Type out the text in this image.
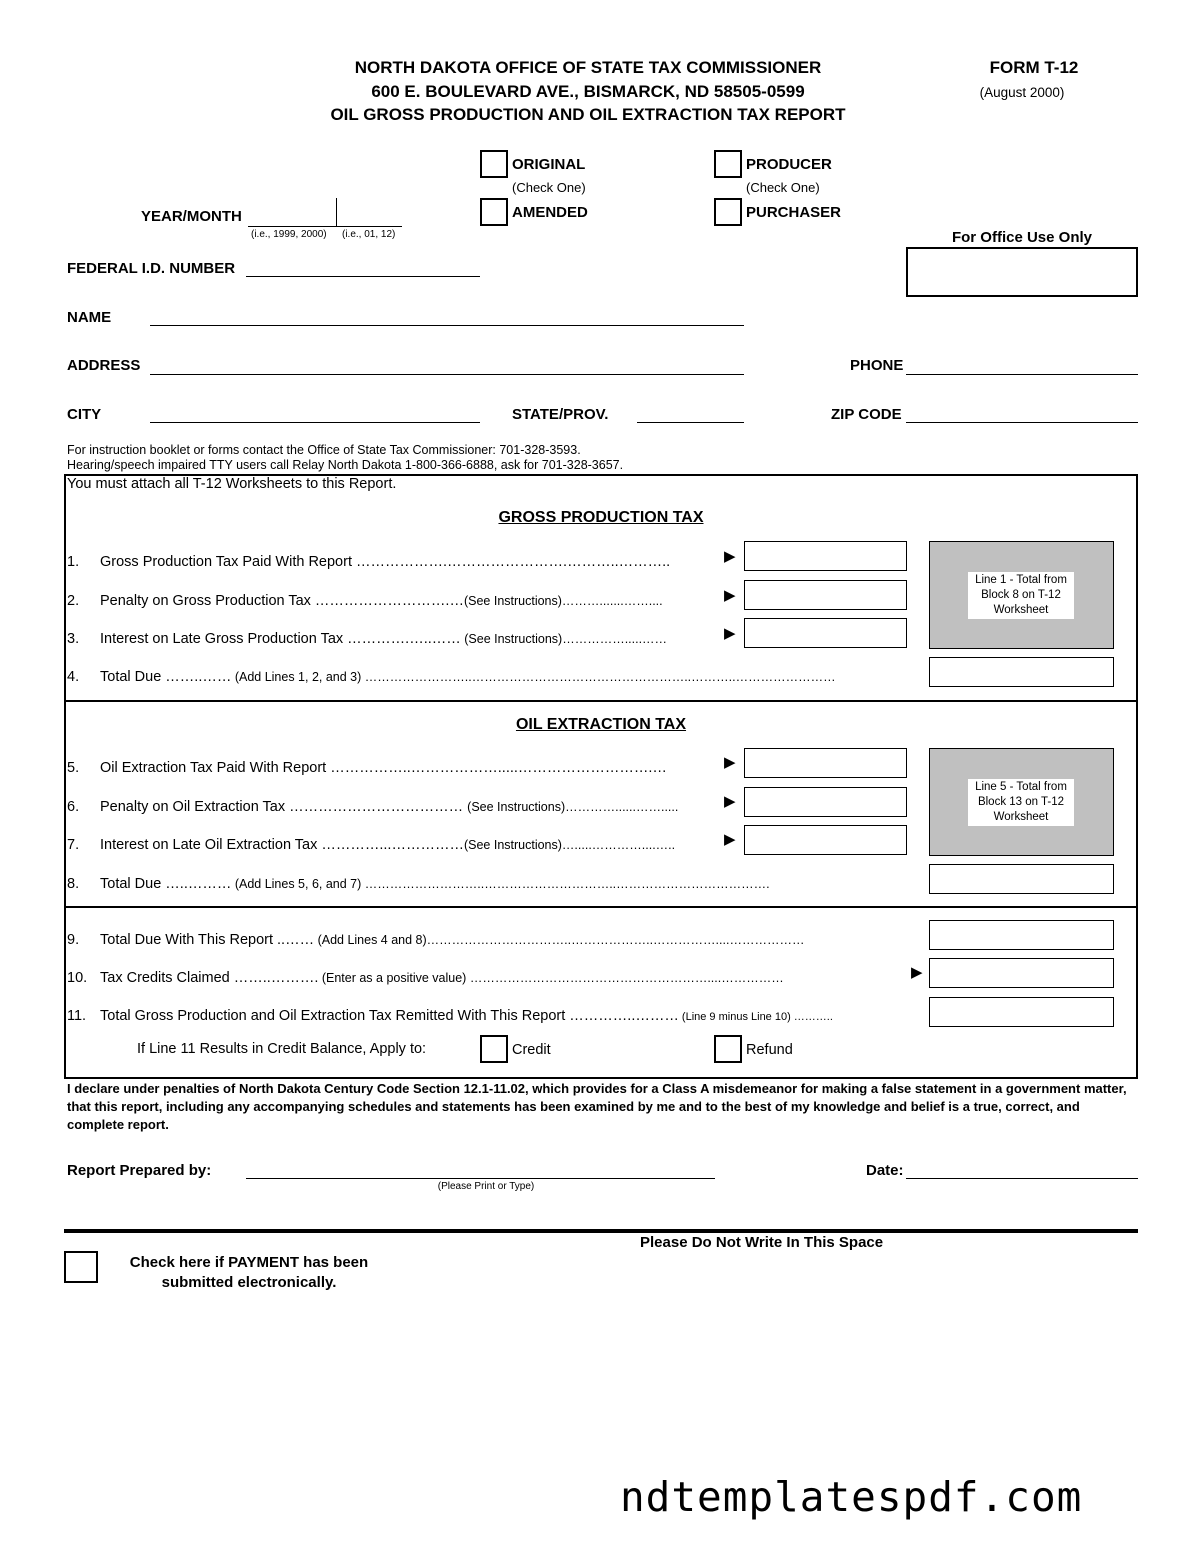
NORTH DAKOTA OFFICE OF STATE TAX COMMISSIONER
600 E. BOULEVARD AVE., BISMARCK, ND 58505-0599
OIL GROSS PRODUCTION AND OIL EXTRACTION TAX REPORT
FORM T-12
(August 2000)
ORIGINAL
(Check One)
AMENDED
PRODUCER
(Check One)
PURCHASER
YEAR/MONTH
(i.e., 1999, 2000) (i.e., 01, 12)	For Office Use Only
FEDERAL I.D. NUMBER
NAME
ADDRESS	PHONE
CITY	STATE/PROV.	ZIP CODE
For instruction booklet or forms contact the Office of State Tax Commissioner: 701-328-3593.
Hearing/speech impaired TTY users call Relay North Dakota 1-800-366-6888, ask for 701-328-3657.
You must attach all T-12 Worksheets to this Report.
GROSS PRODUCTION TAX
1. Gross Production Tax Paid With Report ……………….…………………….………..………..	▶
2. Penalty on Gross Production Tax ……………………….…(See Instructions)……….......……....	▶
3. Interest on Late Gross Production Tax ………….…..…… (See Instructions)…………….....……	▶
Line 1 - Total from Block 8 on T-12 Worksheet
4. Total Due ……..…… (Add Lines 1, 2, and 3) ……………………..……………………………………………..………..……………………
OIL EXTRACTION TAX
5. Oil Extraction Tax Paid With Report ……………..……………….....……………………….…	▶
6. Penalty on Oil Extraction Tax ……………………………… (See Instructions)…………......…….....	▶
7. Interest on Late Oil Extraction Tax …………...……………(See Instructions)….....…………....…..	▶
Line 5 - Total from Block 13 on T-12 Worksheet
8. Total Due …..……… (Add Lines 5, 6, and 7) ………………………..…………………………..……………………………….
9. Total Due With This Report ..…… (Add Lines 4 and 8)……………………………..………………..……………....………………
10. Tax Credits Claimed ……..………. (Enter as a positive value) …………………………………………………....……………	▶
11. Total Gross Production and Oil Extraction Tax Remitted With This Report …………..……… (Line 9 minus Line 10) ………..
If Line 11 Results in Credit Balance, Apply to:	Credit	Refund
I declare under penalties of North Dakota Century Code Section 12.1-11.02, which provides for a Class A misdemeanor for making a false statement in a government matter, that this report, including any accompanying schedules and statements has been examined by me and to the best of my knowledge and belief is a true, correct, and complete report.
Report Prepared by:
(Please Print or Type)
Date:
Please Do Not Write In This Space
Check here if PAYMENT has been
submitted electronically.
ndtemplatespdf.com
